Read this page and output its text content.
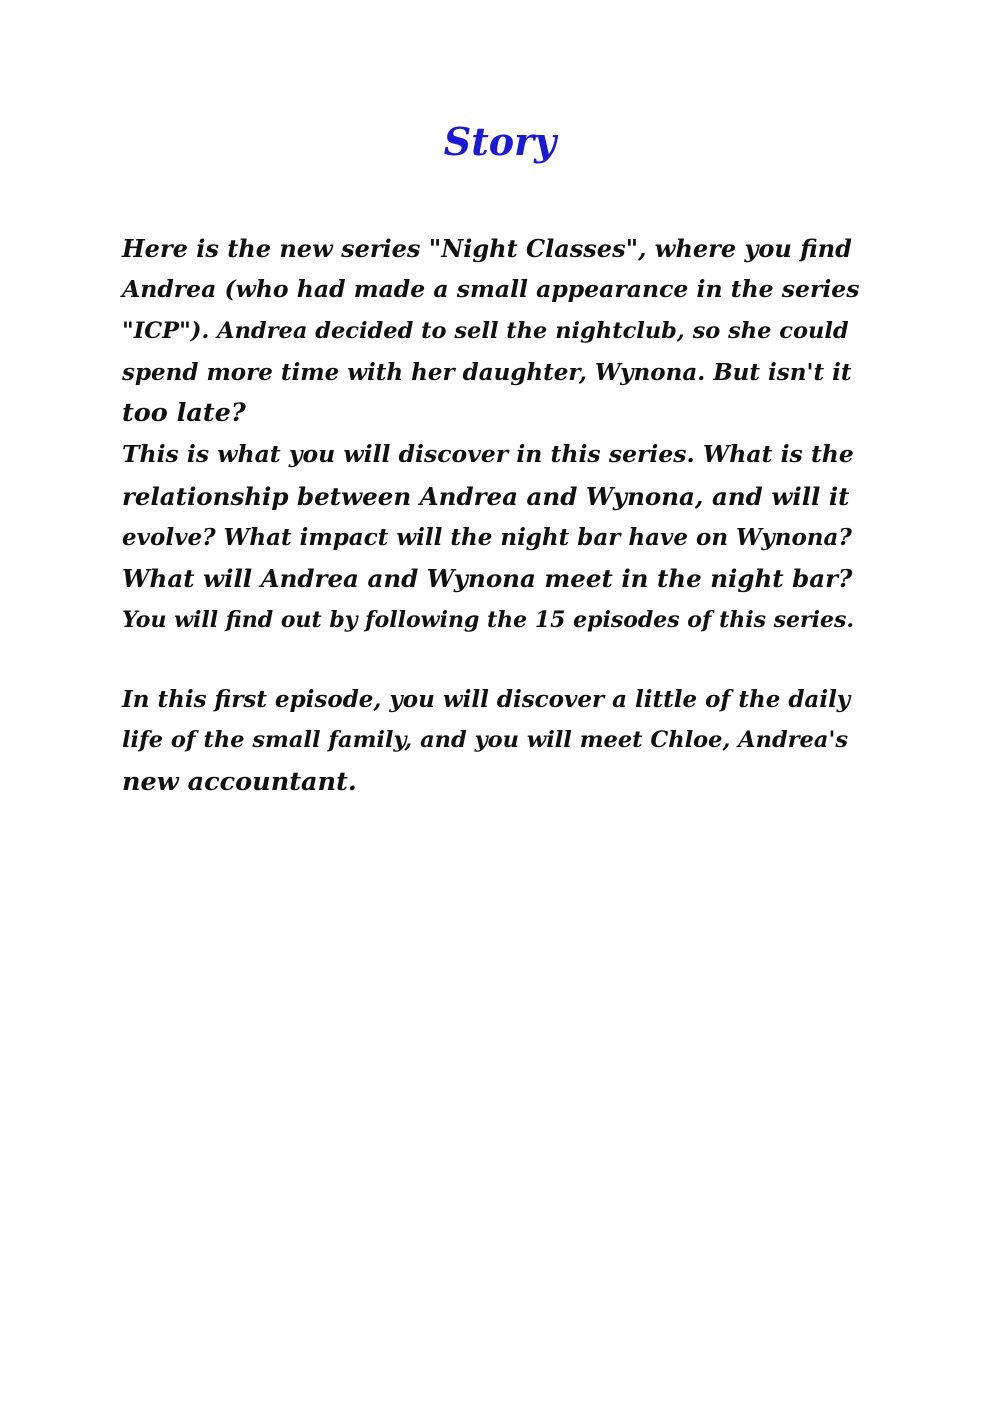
Story
Here is the new series "Night Classes", where you find
Andrea (who had made a small appearance in the series
"ICP"). Andrea decided to sell the nightclub, so she could
spend more time with her daughter, Wynona. But isn't it
too late?
This is what you will discover in this series. What is the
relationship between Andrea and Wynona, and will it
evolve? What impact will the night bar have on Wynona?
What will Andrea and Wynona meet in the night bar?
You will find out by following the 15 episodes of this series.
In this first episode, you will discover a little of the daily
life of the small family, and you will meet Chloe, Andrea's
new accountant.
